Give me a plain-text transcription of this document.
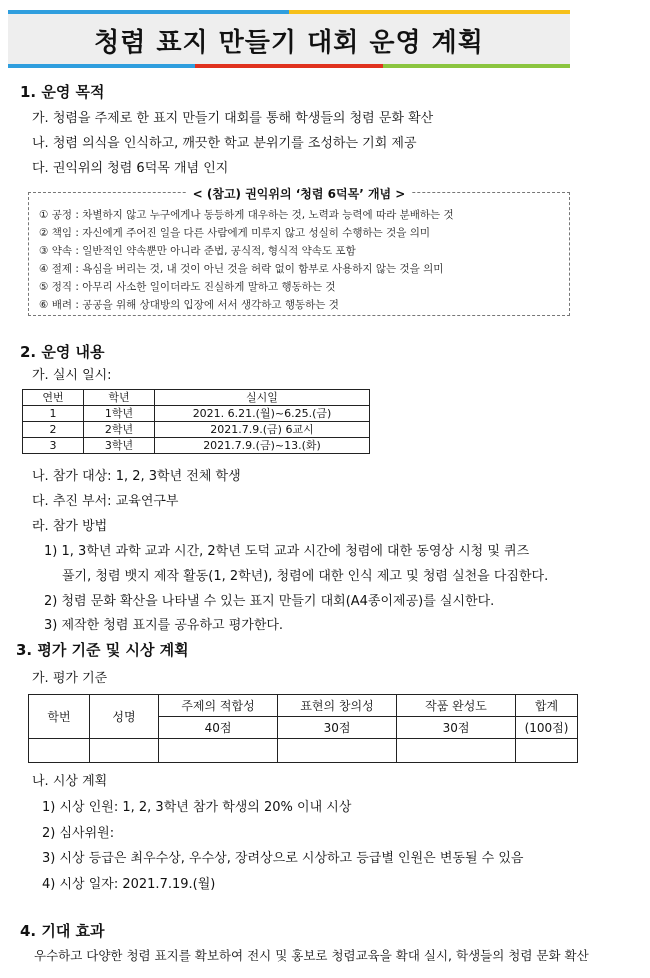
청렴 표지 만들기 대회 운영 계획
1. 운영 목적
가. 청렴을 주제로 한 표지 만들기 대회를 통해 학생들의 청렴 문화 확산
나. 청렴 의식을 인식하고, 깨끗한 학교 분위기를 조성하는 기회 제공
다. 권익위의 청렴 6덕목 개념 인지
< (참고) 권익위의 ‘청렴 6덕목’ 개념 >
① 공정 : 차별하지 않고 누구에게나 동등하게 대우하는 것, 노력과 능력에 따라 분배하는 것
② 책임 : 자신에게 주어진 일을 다른 사람에게 미루지 않고 성실히 수행하는 것을 의미
③ 약속 : 일반적인 약속뿐만 아니라 준법, 공식적, 형식적 약속도 포함
④ 절제 : 욕심을 버리는 것, 내 것이 아닌 것을 허락 없이 함부로 사용하지 않는 것을 의미
⑤ 정직 : 아무리 사소한 일이더라도 진실하게 말하고 행동하는 것
⑥ 배려 : 공공을 위해 상대방의 입장에 서서 생각하고 행동하는 것
2. 운영 내용
가. 실시 일시:
연번	학년	실시일
1	1학년	2021. 6.21.(월)~6.25.(금)
2	2학년	2021.7.9.(금) 6교시
3	3학년	2021.7.9.(금)~13.(화)
나. 참가 대상: 1, 2, 3학년 전체 학생
다. 추진 부서: 교육연구부
라. 참가 방법
1) 1, 3학년 과학 교과 시간, 2학년 도덕 교과 시간에 청렴에 대한 동영상 시청 및 퀴즈
풀기, 청렴 뱃지 제작 활동(1, 2학년), 청렴에 대한 인식 제고 및 청렴 실천을 다짐한다.
2) 청렴 문화 확산을 나타낼 수 있는 표지 만들기 대회(A4종이제공)를 실시한다.
3) 제작한 청렴 표지를 공유하고 평가한다.
3. 평가 기준 및 시상 계획
가. 평가 기준
학번	성명	주제의 적합성	표현의 창의성	작품 완성도	합계
		40점	30점	30점	(100점)

나. 시상 계획
1) 시상 인원: 1, 2, 3학년 참가 학생의 20% 이내 시상
2) 심사위원:
3) 시상 등급은 최우수상, 우수상, 장려상으로 시상하고 등급별 인원은 변동될 수 있음
4) 시상 일자: 2021.7.19.(월)
4. 기대 효과
우수하고 다양한 청렴 표지를 확보하여 전시 및 홍보로 청렴교육을 확대 실시, 학생들의 청렴 문화 확산
